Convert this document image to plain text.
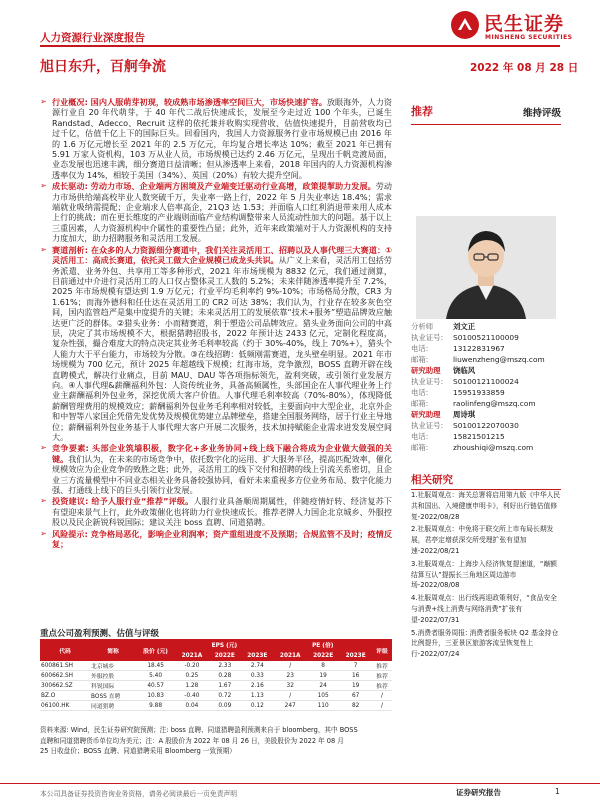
民生证券
MINSHENG SECURITIES
人力资源行业深度报告
旭日东升，百舸争流	2022 年 08 月 28 日
➢ 行业概况: 国内人服萌芽初现，较成熟市场渗透率空间巨大，市场快速扩容。放眼海外，人力资源行业自 20 年代萌芽，于 40 年代二战后快速成长，发展至今走过近 100 个年头，已诞生 Randstad、Adecco、Recruit 这样的依托兼并收购实现营收、估值快速提升，目前营收均已过千亿，估值千亿上下的国际巨头。回看国内，我国人力资源服务行业市场规模已由 2016 年的 1.6 万亿元增长至 2021 年的 2.5 万亿元，年均复合增长率达 10%；截至 2021 年已拥有 5.91 万家人资机构，103 万从业人员，市场规模已达约 2.46 万亿元，呈现出千帆竞渡局面，业态发展也迅速丰满，细分赛道日益清晰；但从渗透率上来看，2018 年国内的人力资源机构渗透率仅为 14%，相较于美国（34%）、英国（20%）有较大提升空间。
➢ 成长驱动: 劳动力市场、企业端两方困境及产业端变迁驱动行业高增，政策提挈助力发展。劳动力市场供给端高校毕业人数突破千万，失业率一路上行，2022 年 5 月失业率达 18.4%；需求端就业吸纳需提配；企业端求人倍率高企，21Q3 达 1.53；并面临人口红利消退带来用人成本上行的挑战；而在更长维度的产业端则面临产业结构调整带来人员流动性加大的问题。基于以上三重因素，人力资源机构中介属性的重要性凸显；此外，近年来政策端对于人力资源机构的支持力度加大，助力招聘服务和灵活用工发展。
➢ 赛道剖析: 在众多的人力资源细分赛道中，我们关注灵活用工、招聘以及人事代理三大赛道：①灵活用工：高成长赛道，依托灵工做大企业规模已成龙头共识。从广义上来看，灵活用工包括劳务派遣、业务外包、共享用工等多种形式，2021 年市场规模为 8832 亿元，我们通过测算，目前通过中介进行灵活用工的人口仅占整体灵工人数的 5.2%；未来伴随渗透率提升至 7.2%，2025 年市场规模有望达到 1.9 万亿元；行业平均毛利率约 9%-10%；市场格局分散，CR3 为 1.61%；而海外德科和任仕达在灵活用工的 CR2 可达 38%；我们认为，行业存在较多灰色空间，国内监管趋严是集中度提升的关键；未来灵活用工的发展依靠“技术+服务”塑造品牌效应触达更广泛的群体。②猎头业务：小而精赛道，利于塑造公司品牌效应。猎头业务面向公司的中高层，决定了其市场规模不大，根据猎聘招股书，2022 年预计达 2433 亿元，定制化程度高，复杂性强，撮合难度大的特点决定其业务毛利率较高（约于 30%-40%，线上 70%+），猎头个人能力大于平台能力，市场较为分散。③在线招聘：低频刚需赛道，龙头壁垒明显。2021 年市场规模为 700 亿元，预计 2025 年超越线下规模；红海市场，竞争激烈，BOSS 直聘开辟在线直聘模式，解决行业痛点，目前 MAU、DAU 等各项指标领先，盈利突破，或引领行业发展方向。④人事代理&薪酬福利外包：人资传统业务，具备高频属性，头部国企在人事代理业务上行业主薪酬福利外包业务，深挖优质大客户价值。人事代理毛利率较高（70%-80%），体现降低薪酬管理费用的规模效应；薪酬福利外包业务毛利率相对较低，主要面向中大型企业，北京外企和中智等八家国企凭借先发优势及规模优势建立品牌壁垒，搭建全国服务网络，居于行业主导地位；薪酬福利外包业务基于人事代理大客户开展二次服务，技术加持赋能企业需求进发发展空间大。
➢ 竞争要素: 头部企业筑墙积极，数字化+多业务协同+线上线下融合将成为企业做大做强的关键。我们认为，在未来的市场竞争中，依托数字化的运用、扩大服务半径，提高匹配效率，催化规模效应为企业竞争的致胜之匙；此外，灵活用工的线下交付和招聘的线上引流关系密切，且企业三方流量模型中不同业态相关业务具备较强协同，看好未来重视多方位业务布局、数字化能力强、打通线上线下的巨头引领行业发展。
➢ 投资建议: 给予人服行业“推荐”评级。人服行业具备顺周期属性，伴随疫情好转、经济复苏下有望迎来景气上行，此外政策催化也将助力行业快速成长。推荐老牌人力国企北京城乡、外服控股以及民企新锐科锐国际；建议关注 boss 直聘、同道猎聘。
➢ 风险提示: 竞争格局恶化，影响企业利润率；资产重组进度不及预期；合规监管不及时；疫情反复；
重点公司盈利预测、估值与评级
代码	简称	股价 (元)	EPS (元)			PE (倍)			评级
			2021A	2022E	2023E	2021A	2022E	2023E	
600861.SH	北京城乡	18.45	-0.20	2.33	2.74	/	8	7	推荐
600662.SH	外服控股	5.40	0.25	0.28	0.33	23	19	16	推荐
300662.SZ	科锐国际	40.57	1.28	1.67	2.16	32	24	19	推荐
BZ.O	BOSS 直聘	10.83	-0.40	0.72	1.13	/	105	67	/
06100.HK	同道猎聘	9.88	0.04	0.09	0.12	247	110	82	/
资料来源: Wind，民生证券研究院预测；注: boss 直聘、同道猎聘盈利预测来自于 bloomberg，其中 BOSS
直聘和同道猎聘货币单位均为美元；注：A 股股价为 2022 年 08 月 26 日，美股股价为 2022 年 08 月
25 日收盘价；BOSS 直聘、同道猎聘采用 Bloomberg 一致预期）
推荐	维持评级
分析师	刘文正
执业证号: S0100521100009
电话:	13122831967
邮箱:	liuwenzheng@mszq.com
研究助理 饶临风
执业证号: S0100121100024
电话:	15951933859
邮箱:	raolinfeng@mszq.com
研究助理 周诗琪
执业证号: S0100122070030
电话:	15821501215
邮箱:	zhoushiqi@mszq.com
相关研究
1.社服周观点：海关总署将启用第九版《中华人民共和国出、入境健康申明卡》，利好出行链估值修复-2022/08/28
2.社服周观点：中免将于联交所上市布局长期发展，君亭定增获深交所受理扩张有望加速-2022/08/21
3.社服周观点：上海步入经济恢复提速道，“巅额结算互认”提振长三角地区周边游市场-2022/08/08
4.社服周观点：出行线再迎政策利好，“食品安全与消费+线上消费与网络消费”扩张有望-2022/07/31
5.消费者服务周报: 消费者服务板块 Q2 基金持仓比例提升，三亚景区旅游客流呈恢复性上行-2022/07/24
本公司具备证券投资咨询业务资格，请务必阅读最后一页免责声明	证券研究报告	1
